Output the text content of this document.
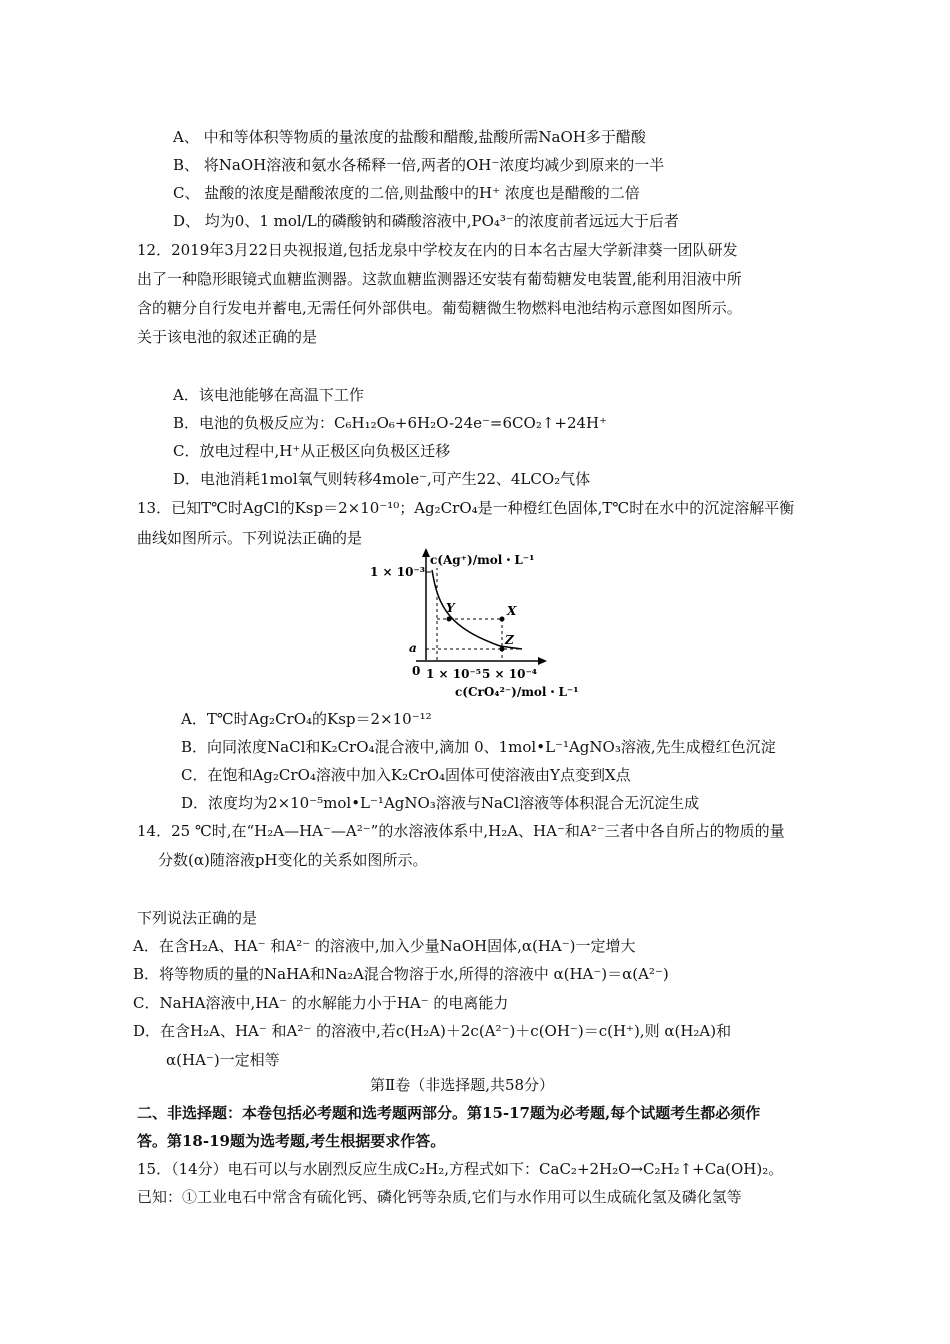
A、 中和等体积等物质的量浓度的盐酸和醋酸,盐酸所需NaOH多于醋酸
B、 将NaOH溶液和氨水各稀释一倍,两者的OH⁻浓度均减少到原来的一半
C、 盐酸的浓度是醋酸浓度的二倍,则盐酸中的H⁺ 浓度也是醋酸的二倍
D、 均为0、1 mol/L的磷酸钠和磷酸溶液中,PO₄³⁻的浓度前者远远大于后者
12．2019年3月22日央视报道,包括龙泉中学校友在内的日本名古屋大学新津葵一团队研发
出了一种隐形眼镜式血糖监测器。这款血糖监测器还安装有葡萄糖发电装置,能利用泪液中所
含的糖分自行发电并蓄电,无需任何外部供电。葡萄糖微生物燃料电池结构示意图如图所示。
关于该电池的叙述正确的是
A．该电池能够在高温下工作
B．电池的负极反应为：C₆H₁₂O₆+6H₂O-24e⁻=6CO₂↑+24H⁺
C．放电过程中,H⁺从正极区向负极区迁移
D．电池消耗1mol氧气则转移4mole⁻,可产生22、4LCO₂气体
13．已知T℃时AgCl的Ksp＝2×10⁻¹⁰；Ag₂CrO₄是一种橙红色固体,T℃时在水中的沉淀溶解平衡
曲线如图所示。下列说法正确的是
c(Ag⁺)/mol・L⁻¹
1 × 10⁻³
a
0 1 × 10⁻⁵ 5 × 10⁻⁴
c(CrO₄²⁻)/mol・L⁻¹
Y	X
Z
A．T℃时Ag₂CrO₄的Ksp＝2×10⁻¹²
B．向同浓度NaCl和K₂CrO₄混合液中,滴加 0、1mol•L⁻¹AgNO₃溶液,先生成橙红色沉淀
C．在饱和Ag₂CrO₄溶液中加入K₂CrO₄固体可使溶液由Y点变到X点
D．浓度均为2×10⁻⁵mol•L⁻¹AgNO₃溶液与NaCl溶液等体积混合无沉淀生成
14．25 ℃时,在“H₂A—HA⁻—A²⁻”的水溶液体系中,H₂A、HA⁻和A²⁻三者中各自所占的物质的量
分数(α)随溶液pH变化的关系如图所示。
下列说法正确的是
A．在含H₂A、HA⁻ 和A²⁻ 的溶液中,加入少量NaOH固体,α(HA⁻)一定增大
B．将等物质的量的NaHA和Na₂A混合物溶于水,所得的溶液中 α(HA⁻)＝α(A²⁻)
C．NaHA溶液中,HA⁻ 的水解能力小于HA⁻ 的电离能力
D．在含H₂A、HA⁻ 和A²⁻ 的溶液中,若c(H₂A)＋2c(A²⁻)＋c(OH⁻)＝c(H⁺),则 α(H₂A)和
α(HA⁻)一定相等
第Ⅱ卷（非选择题,共58分）
二、非选择题：本卷包括必考题和选考题两部分。第15-17题为必考题,每个试题考生都必须作
答。第18-19题为选考题,考生根据要求作答。
15．（14分）电石可以与水剧烈反应生成C₂H₂,方程式如下：CaC₂+2H₂O→C₂H₂↑+Ca(OH)₂。
已知：①工业电石中常含有硫化钙、磷化钙等杂质,它们与水作用可以生成硫化氢及磷化氢等
